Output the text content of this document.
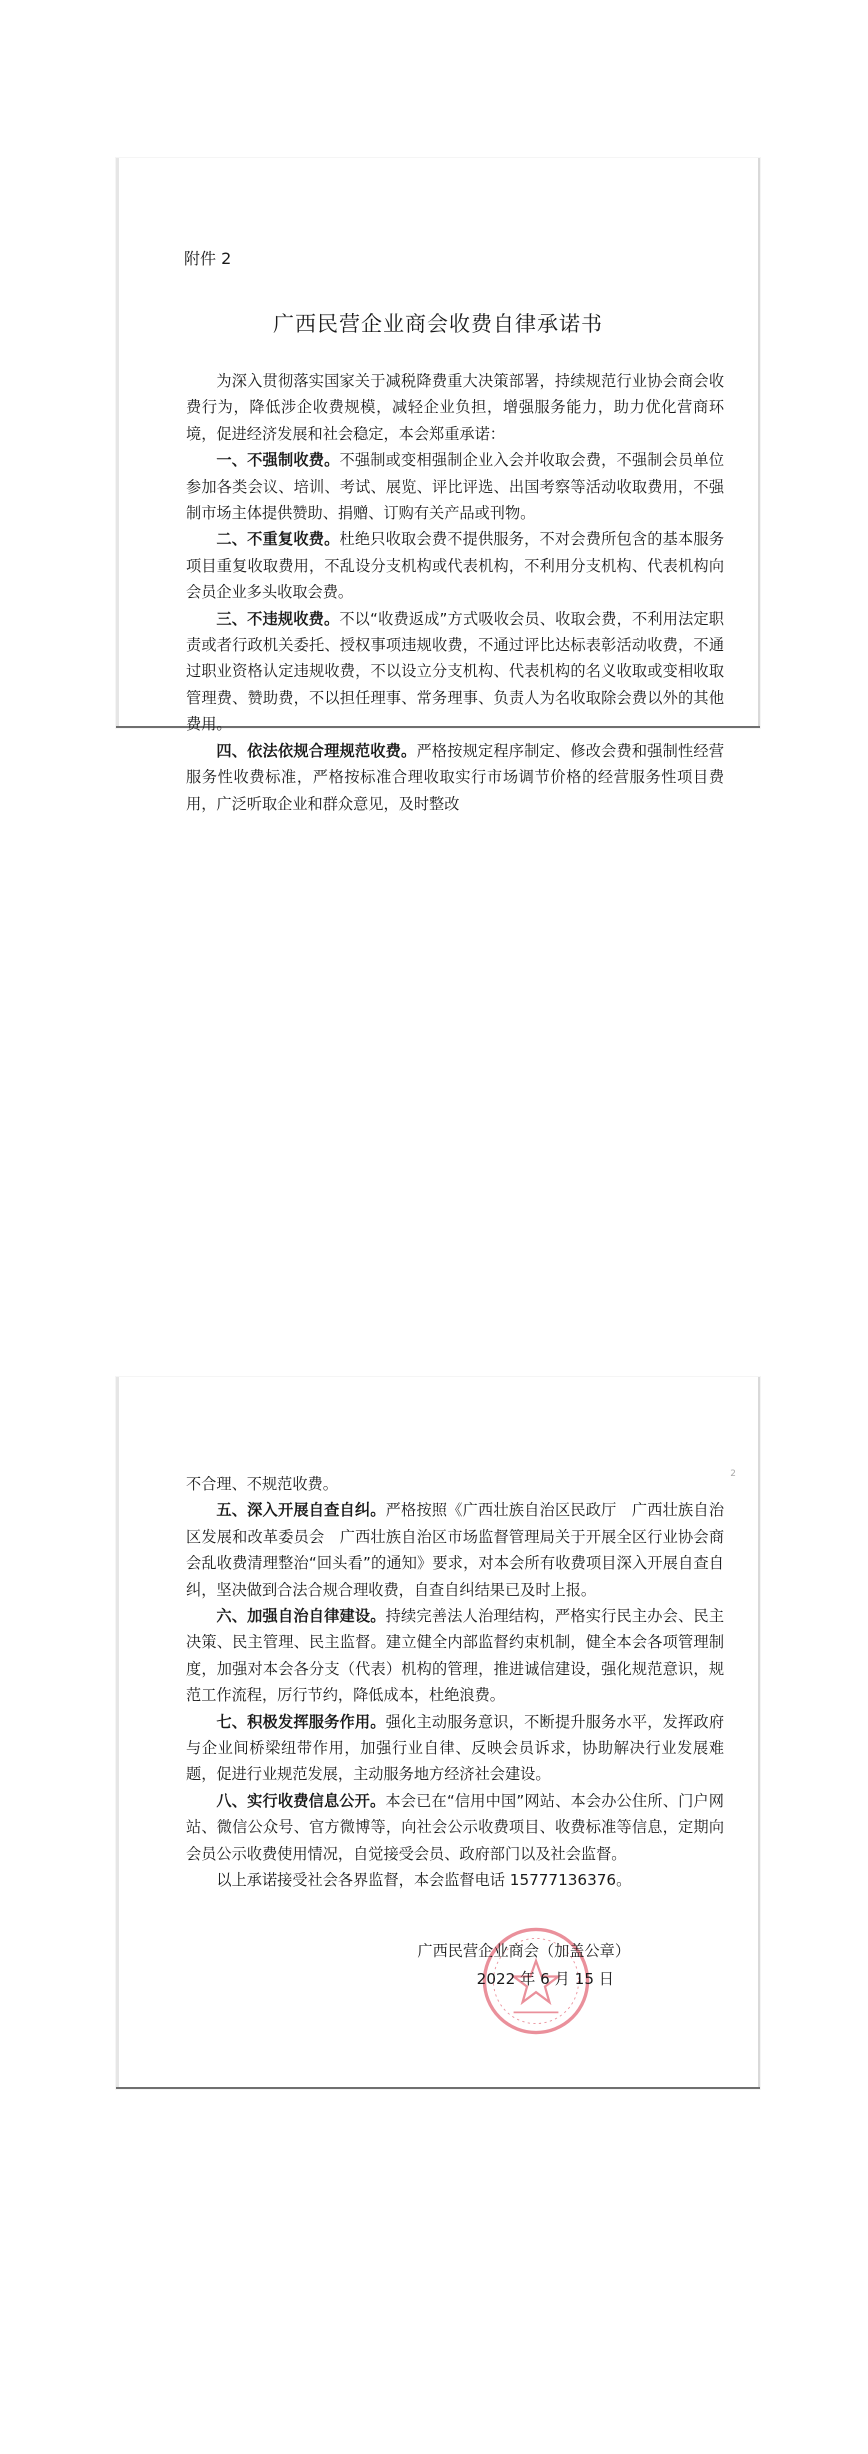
附件 2
广西民营企业商会收费自律承诺书

为深入贯彻落实国家关于减税降费重大决策部署，持续规范行业协会商会收费行为，降低涉企收费规模，减轻企业负担，增强服务能力，助力优化营商环境，促进经济发展和社会稳定，本会郑重承诺：

一、不强制收费。不强制或变相强制企业入会并收取会费，不强制会员单位参加各类会议、培训、考试、展览、评比评选、出国考察等活动收取费用，不强制市场主体提供赞助、捐赠、订购有关产品或刊物。

二、不重复收费。杜绝只收取会费不提供服务，不对会费所包含的基本服务项目重复收取费用，不乱设分支机构或代表机构，不利用分支机构、代表机构向会员企业多头收取会费。

三、不违规收费。不以“收费返成”方式吸收会员、收取会费，不利用法定职责或者行政机关委托、授权事项违规收费，不通过评比达标表彰活动收费，不通过职业资格认定违规收费，不以设立分支机构、代表机构的名义收取或变相收取管理费、赞助费，不以担任理事、常务理事、负责人为名收取除会费以外的其他费用。

四、依法依规合理规范收费。严格按规定程序制定、修改会费和强制性经营服务性收费标准，严格按标准合理收取实行市场调节价格的经营服务性项目费用，广泛听取企业和群众意见，及时整改

2

不合理、不规范收费。

五、深入开展自查自纠。严格按照《广西壮族自治区民政厅　广西壮族自治区发展和改革委员会　广西壮族自治区市场监督管理局关于开展全区行业协会商会乱收费清理整治“回头看”的通知》要求，对本会所有收费项目深入开展自查自纠，坚决做到合法合规合理收费，自查自纠结果已及时上报。

六、加强自治自律建设。持续完善法人治理结构，严格实行民主办会、民主决策、民主管理、民主监督。建立健全内部监督约束机制，健全本会各项管理制度，加强对本会各分支（代表）机构的管理，推进诚信建设，强化规范意识，规范工作流程，厉行节约，降低成本，杜绝浪费。

七、积极发挥服务作用。强化主动服务意识，不断提升服务水平，发挥政府与企业间桥梁纽带作用，加强行业自律、反映会员诉求，协助解决行业发展难题，促进行业规范发展，主动服务地方经济社会建设。

八、实行收费信息公开。本会已在“信用中国”网站、本会办公住所、门户网站、微信公众号、官方微博等，向社会公示收费项目、收费标准等信息，定期向会员公示收费使用情况，自觉接受会员、政府部门以及社会监督。

以上承诺接受社会各界监督，本会监督电话 15777136376。

广西民营企业商会（加盖公章）
2022 年 6 月 15 日
